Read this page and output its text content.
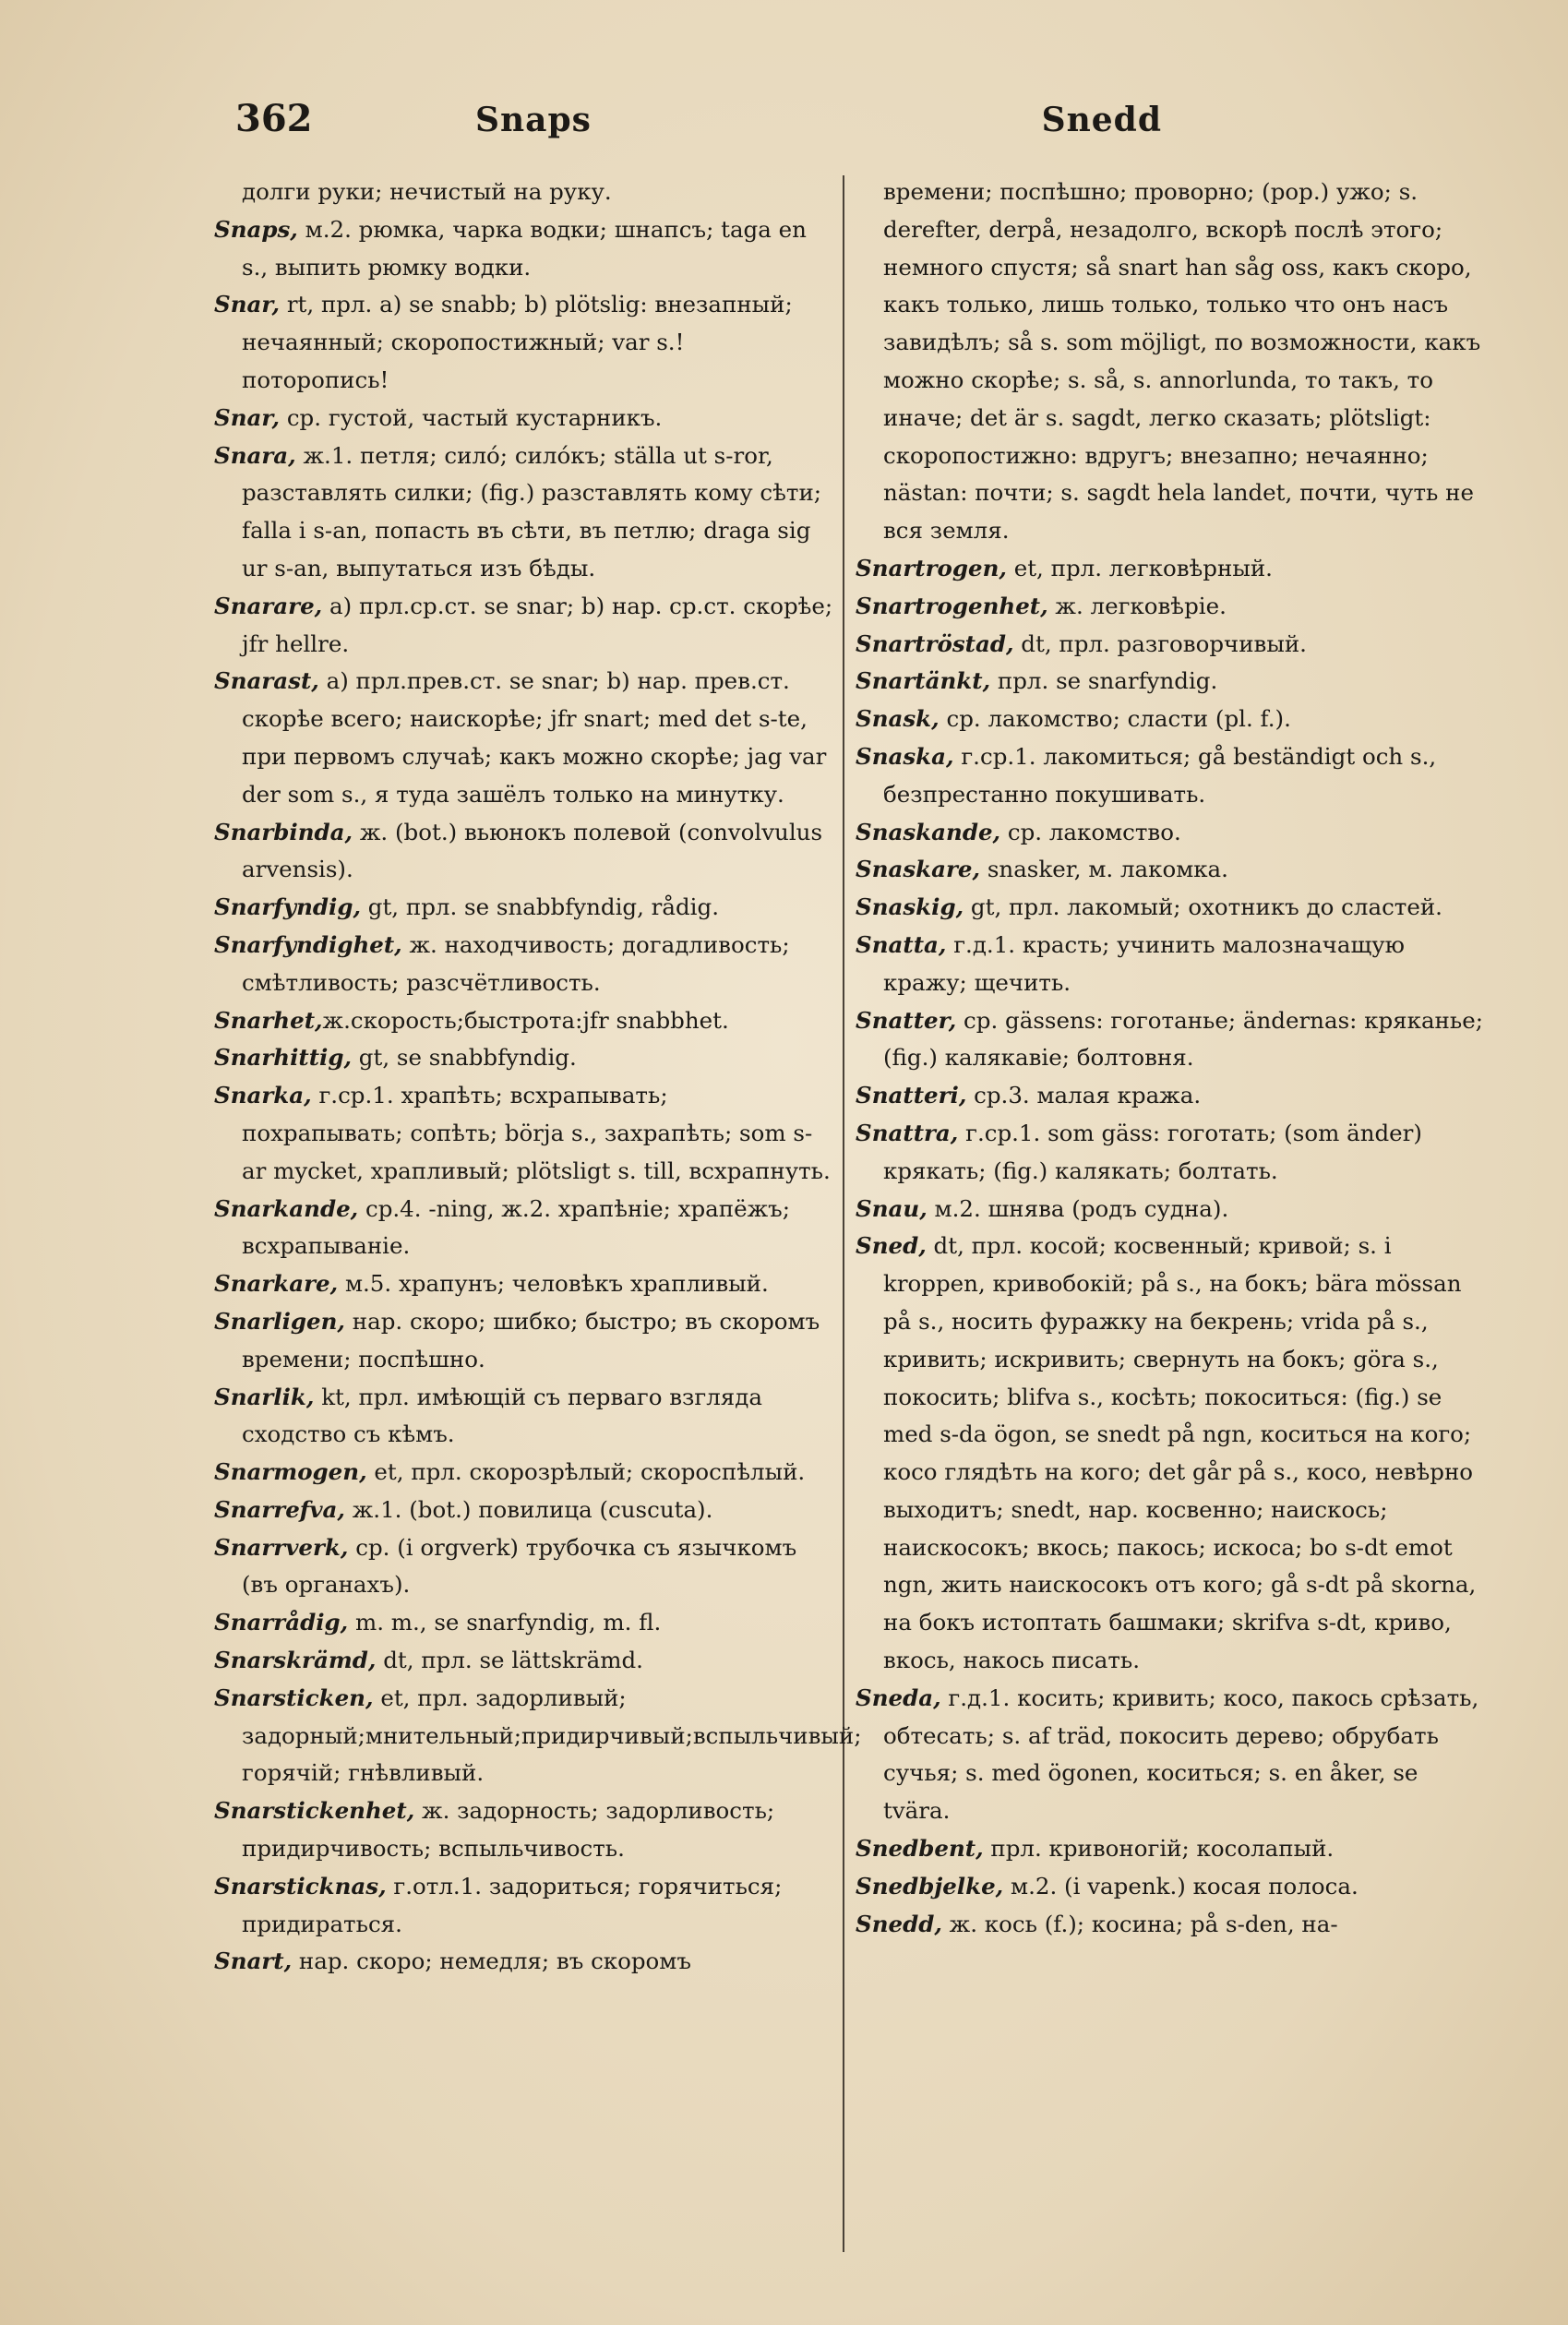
362	Snaps	Snedd

долги руки; нечистый на руку.

Snaps, м.2. рюмка, чарка водки; шнапсъ; taga en s., выпить рюмку водки.

Snar, rt, прл. a) se snabb; b) plötslig: внезапный; нечаянный; скоропостижный; var s.! поторопись!

Snar, ср. густой, частый кустарникъ.

Snara, ж.1. петля; силó; силóкъ; ställa ut s-ror, разставлять силки; (fig.) разставлять кому сѣти; falla i s-an, попасть въ сѣти, въ петлю; draga sig ur s-an, выпутаться изъ бѣды.

Snarare, a) прл.ср.ст. se snar; b) нар. ср.ст. скорѣе; jfr hellre.

Snarast, a) прл.прев.ст. se snar; b) нар. прев.ст. скорѣе всего; наискорѣе; jfr snart; med det s-te, при первомъ случаѣ; какъ можно скорѣе; jag var der som s., я туда зашёлъ только на минутку.

Snarbinda, ж. (bot.) вьюнокъ полевой (convolvulus arvensis).

Snarfyndig, gt, прл. se snabbfyndig, rådig.

Snarfyndighet, ж. находчивость; догадливость; смѣтливость; разсчётливость.

Snarhet,ж.скорость;быстрота:jfr snabbhet.

Snarhittig, gt, se snabbfyndig.

Snarka, г.ср.1. храпѣть; всхрапывать; похрапывать; сопѣть; börja s., захрапѣть; som s-ar mycket, храпливый; plötsligt s. till, всхрапнуть.

Snarkande, ср.4. -ning, ж.2. храпѣніе; храпёжъ; всхрапываніе.

Snarkare, м.5. храпунъ; человѣкъ храпливый.

Snarligen, нар. скоро; шибко; быстро; въ скоромъ времени; поспѣшно.

Snarlik, kt, прл. имѣющій съ перваго взгляда сходство съ кѣмъ.

Snarmogen, et, прл. скорозрѣлый; скороспѣлый.

Snarrefva, ж.1. (bot.) повилица (cuscuta).

Snarrverk, ср. (i orgverk) трубочка съ язычкомъ (въ органахъ).

Snarrådig, m. m., se snarfyndig, m. fl.

Snarskrämd, dt, прл. se lättskrämd.

Snarsticken, et, прл. задорливый; задорный;мнительный;придирчивый;вспыльчивый; горячій; гнѣвливый.

Snarstickenhet, ж. задорность; задорливость; придирчивость; вспыльчивость.

Snarsticknas, г.отл.1. задориться; горячиться; придираться.

Snart, нар. скоро; немедля; въ скоромъ

времени; поспѣшно; проворно; (pop.) ужо; s. derefter, derpå, незадолго, вскорѣ послѣ этого; немного спустя; så snart han såg oss, какъ скоро, какъ только, лишь только, только что онъ насъ завидѣлъ; så s. som möjligt, по возможности, какъ можно скорѣе; s. så, s. annorlunda, то такъ, то иначе; det är s. sagdt, легко сказать; plötsligt: скоропостижно: вдругъ; внезапно; нечаянно; nästan: почти; s. sagdt hela landet, почти, чуть не вся земля.

Snartrogen, et, прл. легковѣрный.

Snartrogenhet, ж. легковѣріе.

Snartröstad, dt, прл. разговорчивый.

Snartänkt, прл. se snarfyndig.

Snask, ср. лакомство; сласти (pl. f.).

Snaska, г.ср.1. лакомиться; gå beständigt och s., безпрестанно покушивать.

Snaskande, ср. лакомство.

Snaskare, snasker, м. лакомка.

Snaskig, gt, прл. лакомый; охотникъ до сластей.

Snatta, г.д.1. красть; учинить малозначащую кражу; щечить.

Snatter, ср. gässens: гоготанье; ändernas: кряканье; (fig.) калякавіе; болтовня.

Snatteri, ср.3. малая кража.

Snattra, г.ср.1. som gäss: гоготать; (som änder) крякать; (fig.) калякать; болтать.

Snau, м.2. шнява (родъ судна).

Sned, dt, прл. косой; косвенный; кривой; s. i kroppen, кривобокій; på s., на бокъ; bära mössan på s., носить фуражку на бекрень; vrida på s., кривить; искривить; свернуть на бокъ; göra s., покосить; blifva s., косѣть; покоситься: (fig.) se med s-da ögon, se snedt på ngn, коситься на кого; косо глядѣть на кого; det går på s., косо, невѣрно выходитъ; snedt, нар. косвенно; наискось; наискосокъ; вкось; пакось; искоса; bo s-dt emot ngn, жить наискосокъ отъ кого; gå s-dt på skorna, на бокъ истоптать башмаки; skrifva s-dt, криво, вкось, накось писать.

Sneda, г.д.1. косить; кривить; косо, пакось срѣзать, обтесать; s. af träd, покосить дерево; обрубать сучья; s. med ögonen, коситься; s. en åker, se tvära.

Snedbent, прл. кривоногій; косолапый.

Snedbjelke, м.2. (i vapenk.) косая полоса.

Snedd, ж. кось (f.); косина; på s-den, на-
